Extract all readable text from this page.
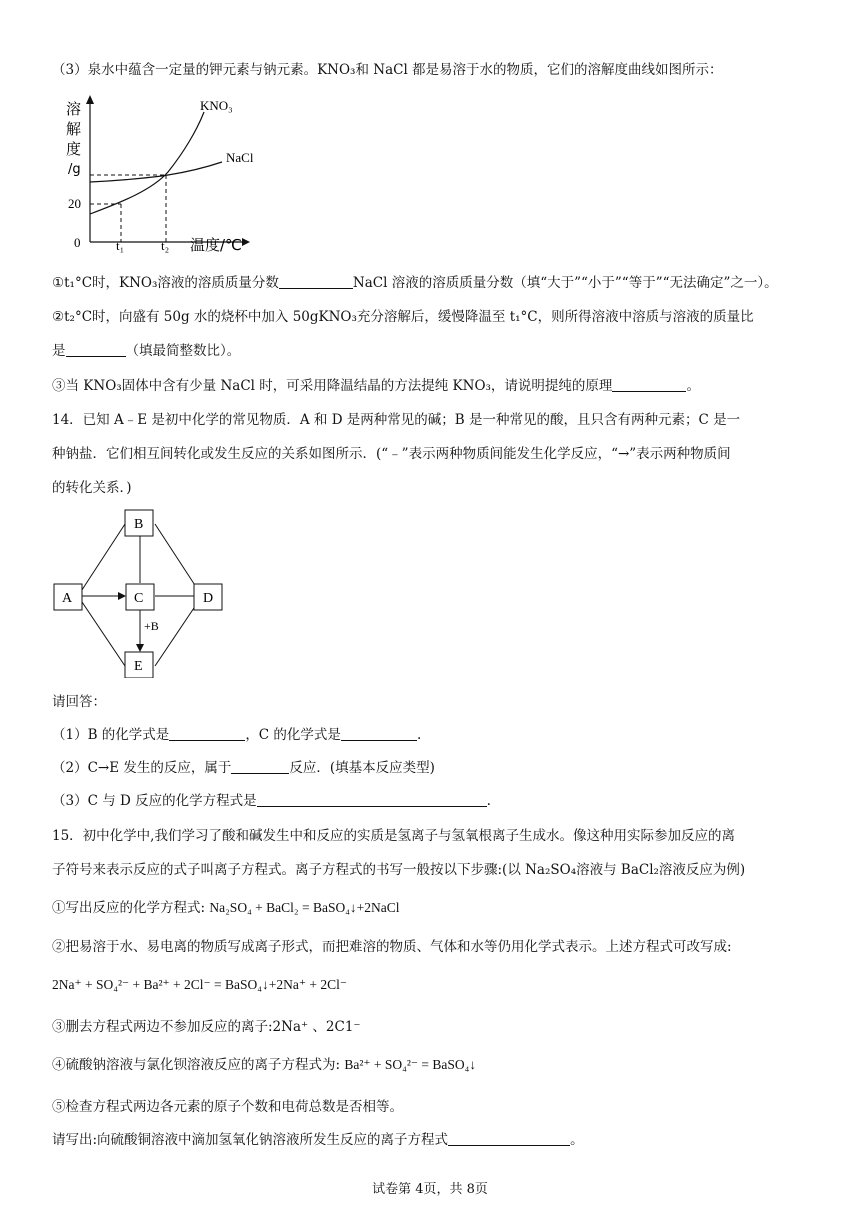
（3）泉水中蕴含一定量的钾元素与钠元素。KNO₃和 NaCl 都是易溶于水的物质，它们的溶解度曲线如图所示：
溶
解
度
/g
20
0	t₁	t₂ 温度/℃
KNO₃
NaCl
①t₁°C时，KNO₃溶液的溶质质量分数	NaCl 溶液的溶质质量分数（填“大于”“小于”“等于”“无法确定”之一）。
②t₂°C时，向盛有 50g 水的烧杯中加入 50gKNO₃充分溶解后，缓慢降温至 t₁°C，则所得溶液中溶质与溶液的质量比
是	（填最简整数比）。
③当 KNO₃固体中含有少量 NaCl 时，可采用降温结晶的方法提纯 KNO₃，请说明提纯的原理	。
14．已知 A﹣E 是初中化学的常见物质．A 和 D 是两种常见的碱；B 是一种常见的酸，且只含有两种元素；C 是一
种钠盐．它们相互间转化或发生反应的关系如图所示．(“﹣”表示两种物质间能发生化学反应，“→”表示两种物质间
的转化关系．)
B
A	C	D
E
+B
请回答：
（1）B 的化学式是	，C 的化学式是	.
（2）C→E 发生的反应，属于	反应．(填基本反应类型)
（3）C 与 D 反应的化学方程式是	.
15．初中化学中,我们学习了酸和碱发生中和反应的实质是氢离子与氢氧根离子生成水。像这种用实际参加反应的离
子符号来表示反应的式子叫离子方程式。离子方程式的书写一般按以下步骤:(以 Na₂SO₄溶液与 BaCl₂溶液反应为例)
①写出反应的化学方程式: Na₂SO₄ + BaCl₂ = BaSO₄↓+2NaCl
②把易溶于水、易电离的物质写成离子形式，而把难溶的物质、气体和水等仍用化学式表示。上述方程式可改写成:
2Na⁺ + SO₄²⁻ + Ba²⁺ + 2Cl⁻ = BaSO₄↓+2Na⁺ + 2Cl⁻
③删去方程式两边不参加反应的离子:2Na⁺ 、2C1⁻
④硫酸钠溶液与氯化钡溶液反应的离子方程式为: Ba²⁺ + SO₄²⁻ = BaSO₄↓
⑤检查方程式两边各元素的原子个数和电荷总数是否相等。
请写出:向硫酸铜溶液中滴加氢氧化钠溶液所发生反应的离子方程式	。
试卷第 4页，共 8页
